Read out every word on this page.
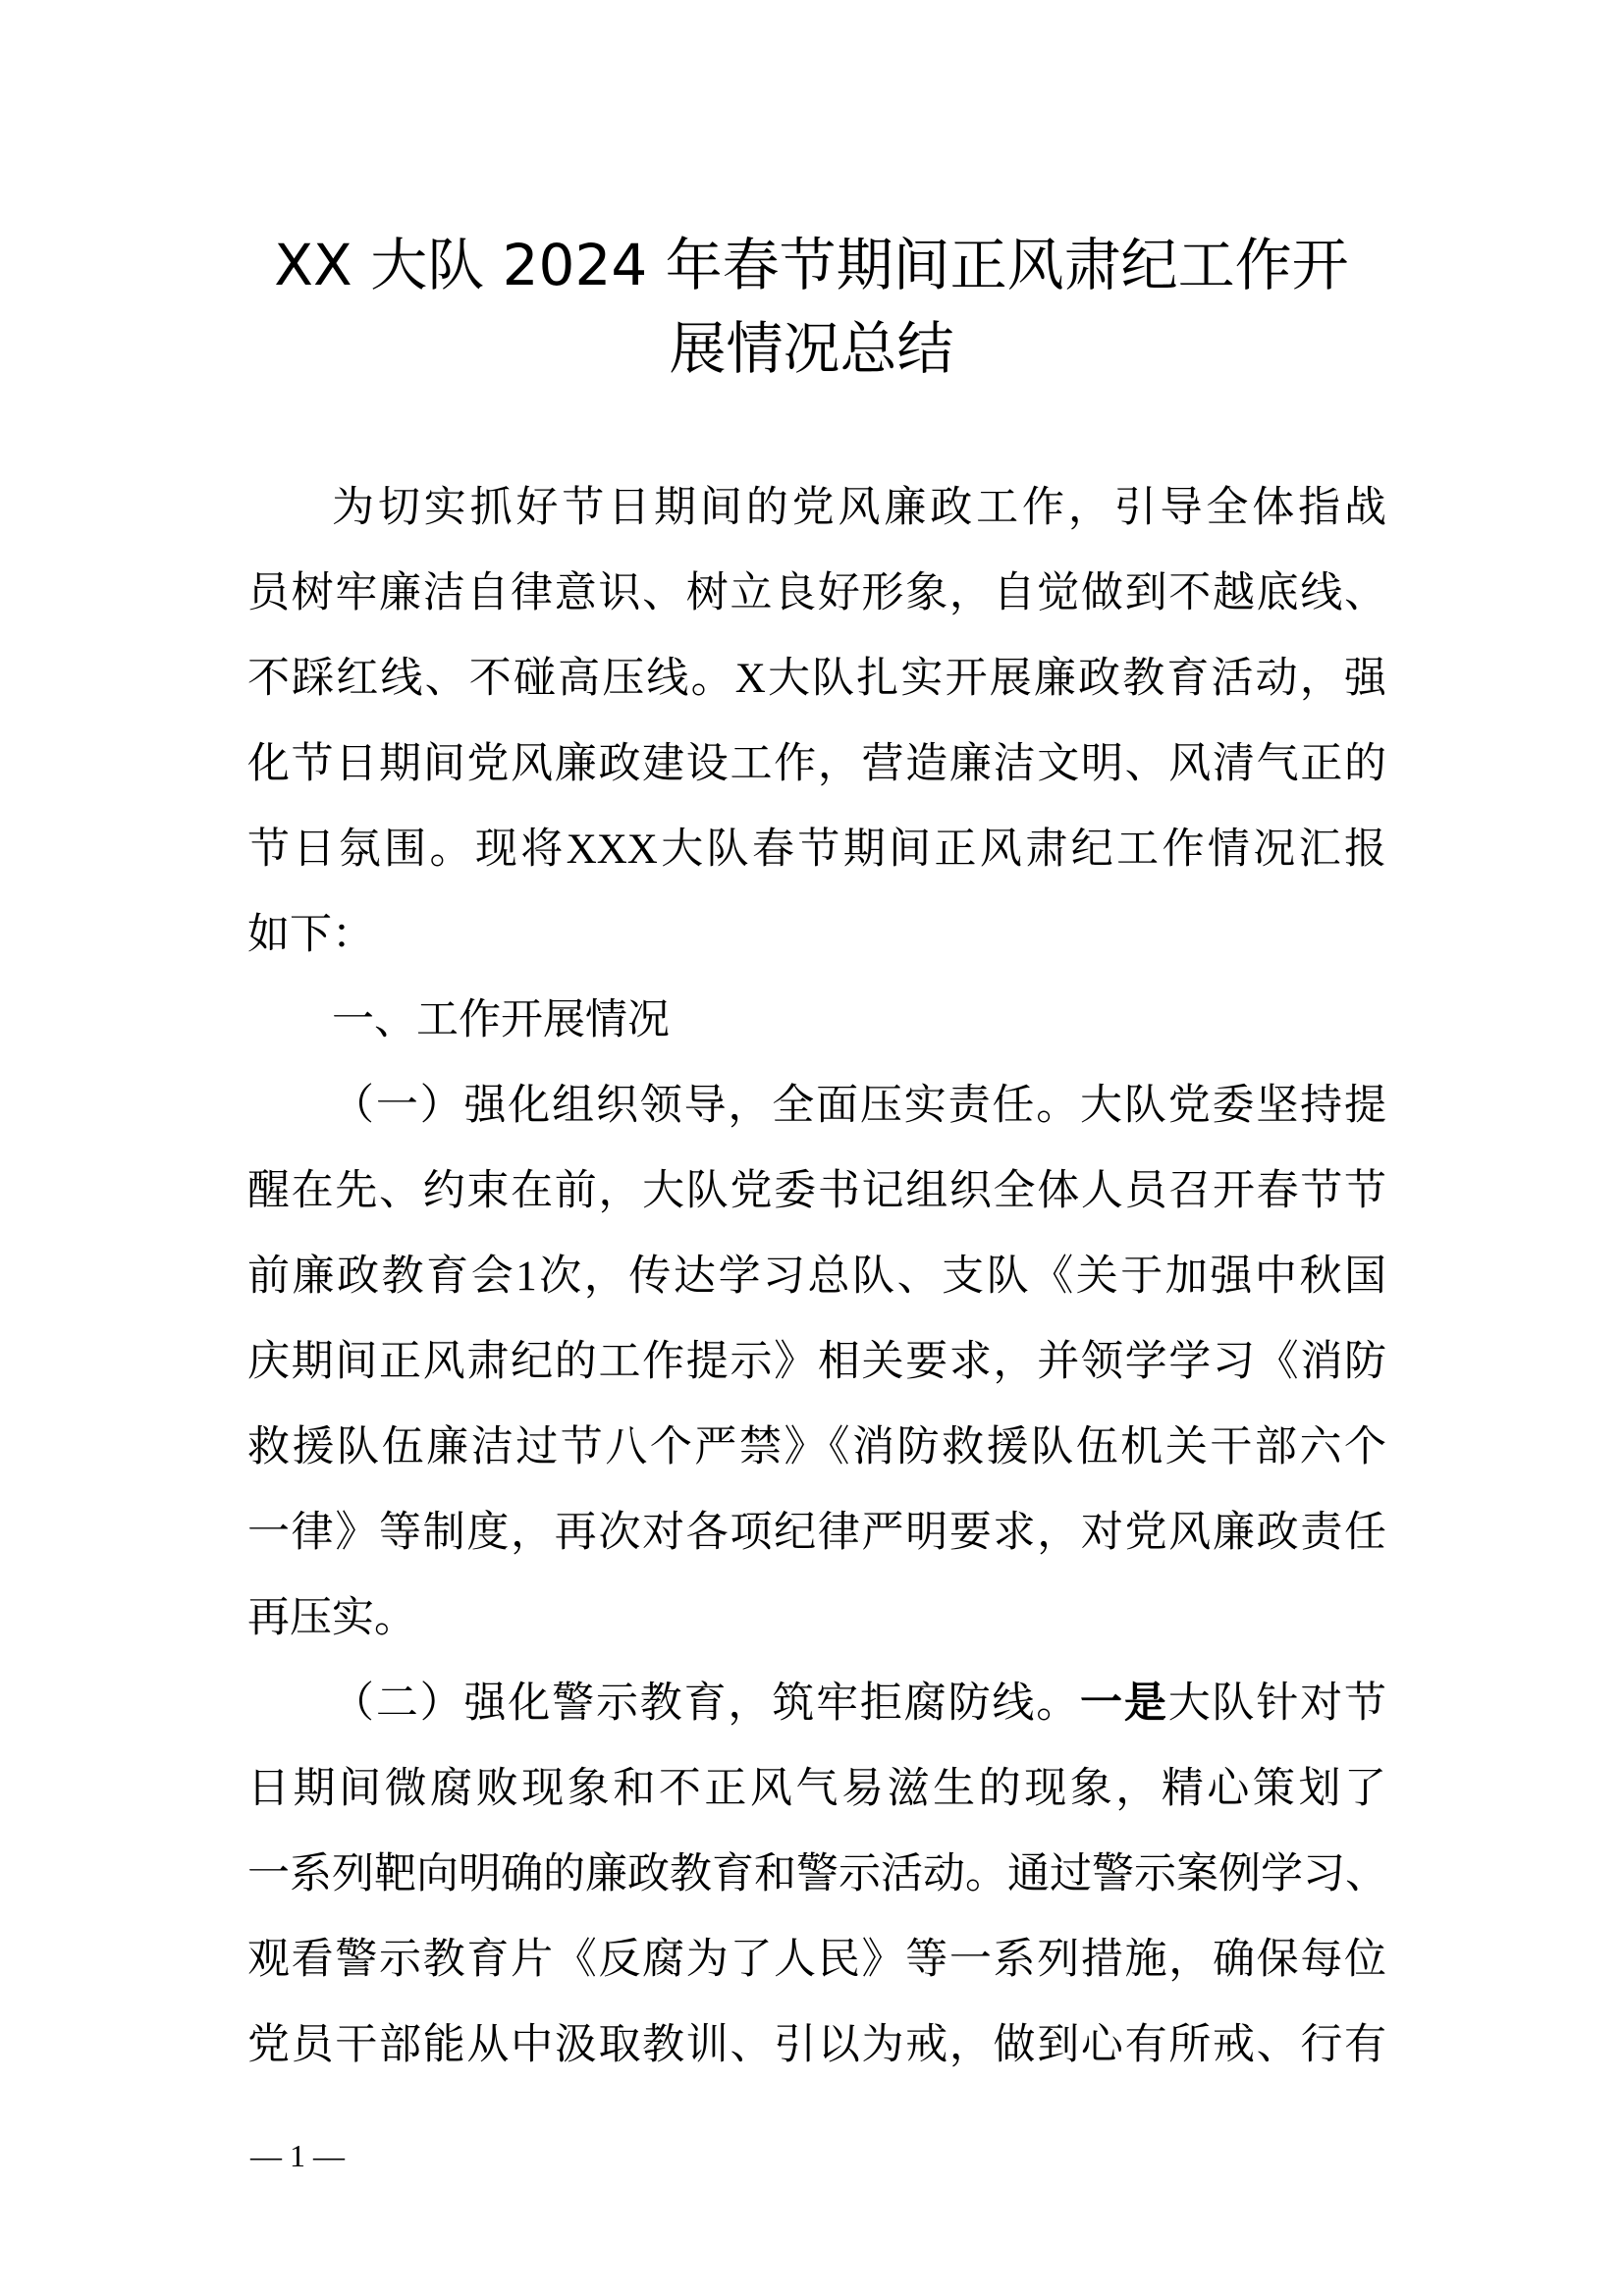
XX 大队 2024 年春节期间正风肃纪工作开
展情况总结
为切实抓好节日期间的党风廉政工作，引导全体指战
员树牢廉洁自律意识、树立良好形象，自觉做到不越底线、
不踩红线、不碰高压线。X大队扎实开展廉政教育活动，强
化节日期间党风廉政建设工作，营造廉洁文明、风清气正的
节日氛围。现将XXX大队春节期间正风肃纪工作情况汇报
如下：
一、工作开展情况
（一）强化组织领导，全面压实责任。大队党委坚持提
醒在先、约束在前，大队党委书记组织全体人员召开春节节
前廉政教育会1次，传达学习总队、支队《关于加强中秋国
庆期间正风肃纪的工作提示》相关要求，并领学学习《消防
救援队伍廉洁过节八个严禁》《消防救援队伍机关干部六个
一律》等制度，再次对各项纪律严明要求，对党风廉政责任
再压实。
（二）强化警示教育，筑牢拒腐防线。一是大队针对节
日期间微腐败现象和不正风气易滋生的现象，精心策划了
一系列靶向明确的廉政教育和警示活动。通过警示案例学习、
观看警示教育片《反腐为了人民》等一系列措施，确保每位
党员干部能从中汲取教训、引以为戒，做到心有所戒、行有
— 1 —
